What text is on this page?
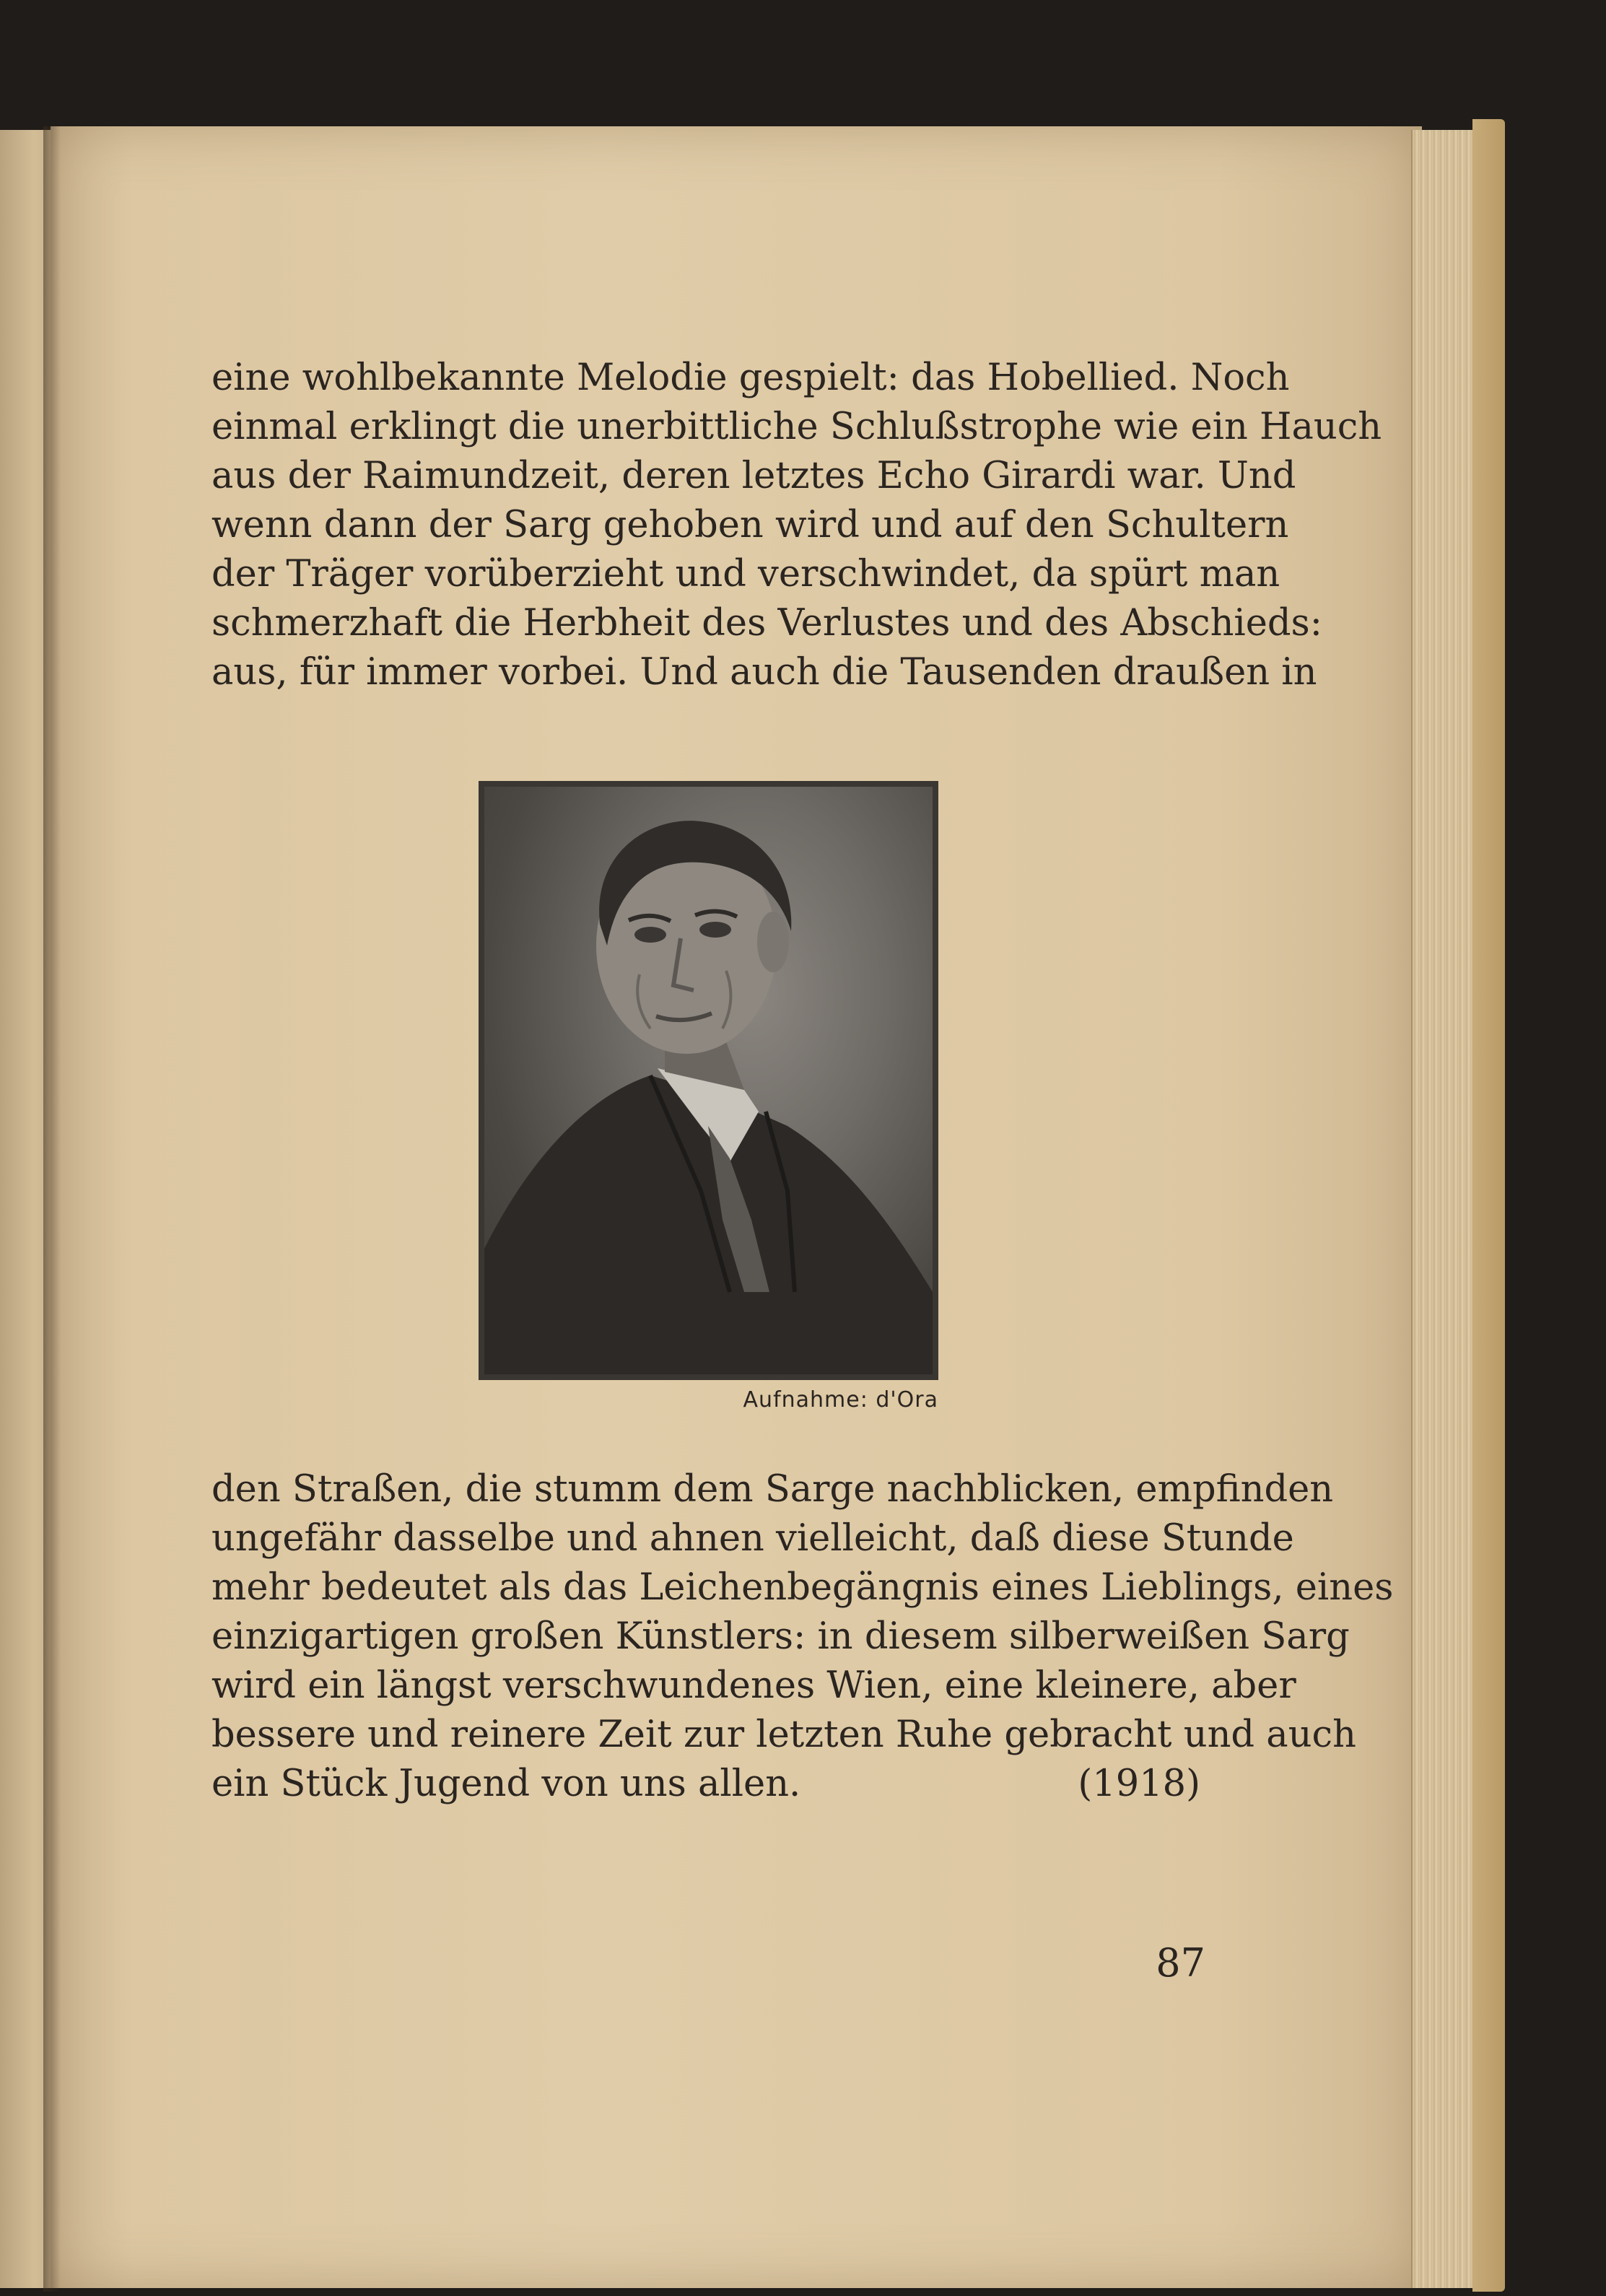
eine wohlbekannte Melodie gespielt: das Hobellied. Noch
einmal erklingt die unerbittliche Schlußstrophe wie ein Hauch
aus der Raimundzeit, deren letztes Echo Girardi war. Und
wenn dann der Sarg gehoben wird und auf den Schultern
der Träger vorüberzieht und verschwindet, da spürt man
schmerzhaft die Herbheit des Verlustes und des Abschieds:
aus, für immer vorbei. Und auch die Tausenden draußen in
Aufnahme: d'Ora
den Straßen, die stumm dem Sarge nachblicken, empfinden
ungefähr dasselbe und ahnen vielleicht, daß diese Stunde
mehr bedeutet als das Leichenbegängnis eines Lieblings, eines
einzigartigen großen Künstlers: in diesem silberweißen Sarg
wird ein längst verschwundenes Wien, eine kleinere, aber
bessere und reinere Zeit zur letzten Ruhe gebracht und auch
ein Stück Jugend von uns allen.	(1918)
87
